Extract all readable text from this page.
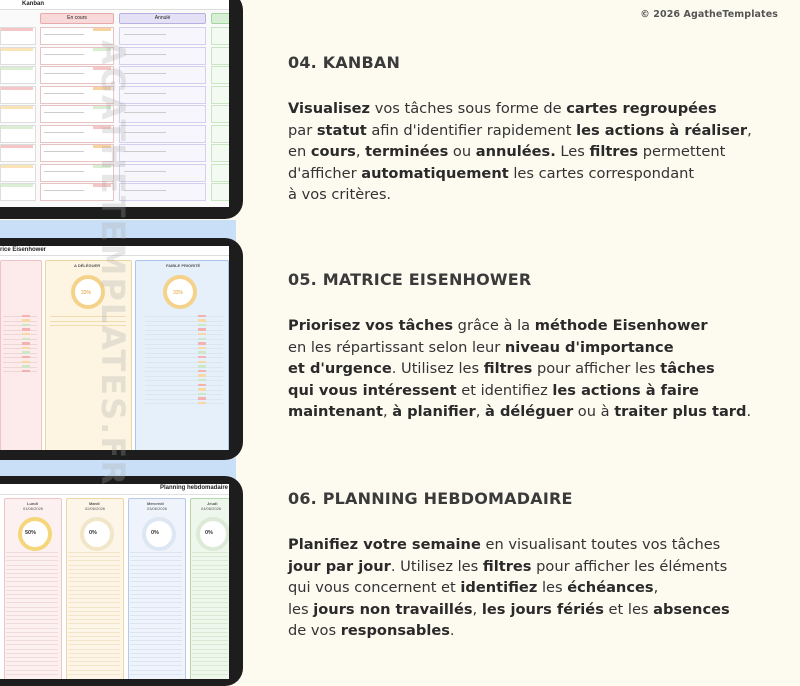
Kanban
En cours	Annulé
rice Eisenhower
A DÉLÉGUER
33%
FAIBLE PRIORITÉ
33%
Planning hebdomadaire
Lundi
01/06/2026
50%
Mardi
02/06/2026
0%
Mercredi
03/06/2026
0%
Jeudi
04/06/2026
0%
AGATHETEMPLATES.FR
© 2026 AgatheTemplates
04. KANBAN

Visualisez vos tâches sous forme de cartes regroupées
par statut afin d'identifier rapidement les actions à réaliser,
en cours, terminées ou annulées. Les filtres permettent
d'afficher automatiquement les cartes correspondant
à vos critères.

05. MATRICE EISENHOWER

Priorisez vos tâches grâce à la méthode Eisenhower
en les répartissant selon leur niveau d'importance
et d'urgence. Utilisez les filtres pour afficher les tâches
qui vous intéressent et identifiez les actions à faire
maintenant, à planifier, à déléguer ou à traiter plus tard.

06. PLANNING HEBDOMADAIRE

Planifiez votre semaine en visualisant toutes vos tâches
jour par jour. Utilisez les filtres pour afficher les éléments
qui vous concernent et identifiez les échéances,
les jours non travaillés, les jours fériés et les absences
de vos responsables.
